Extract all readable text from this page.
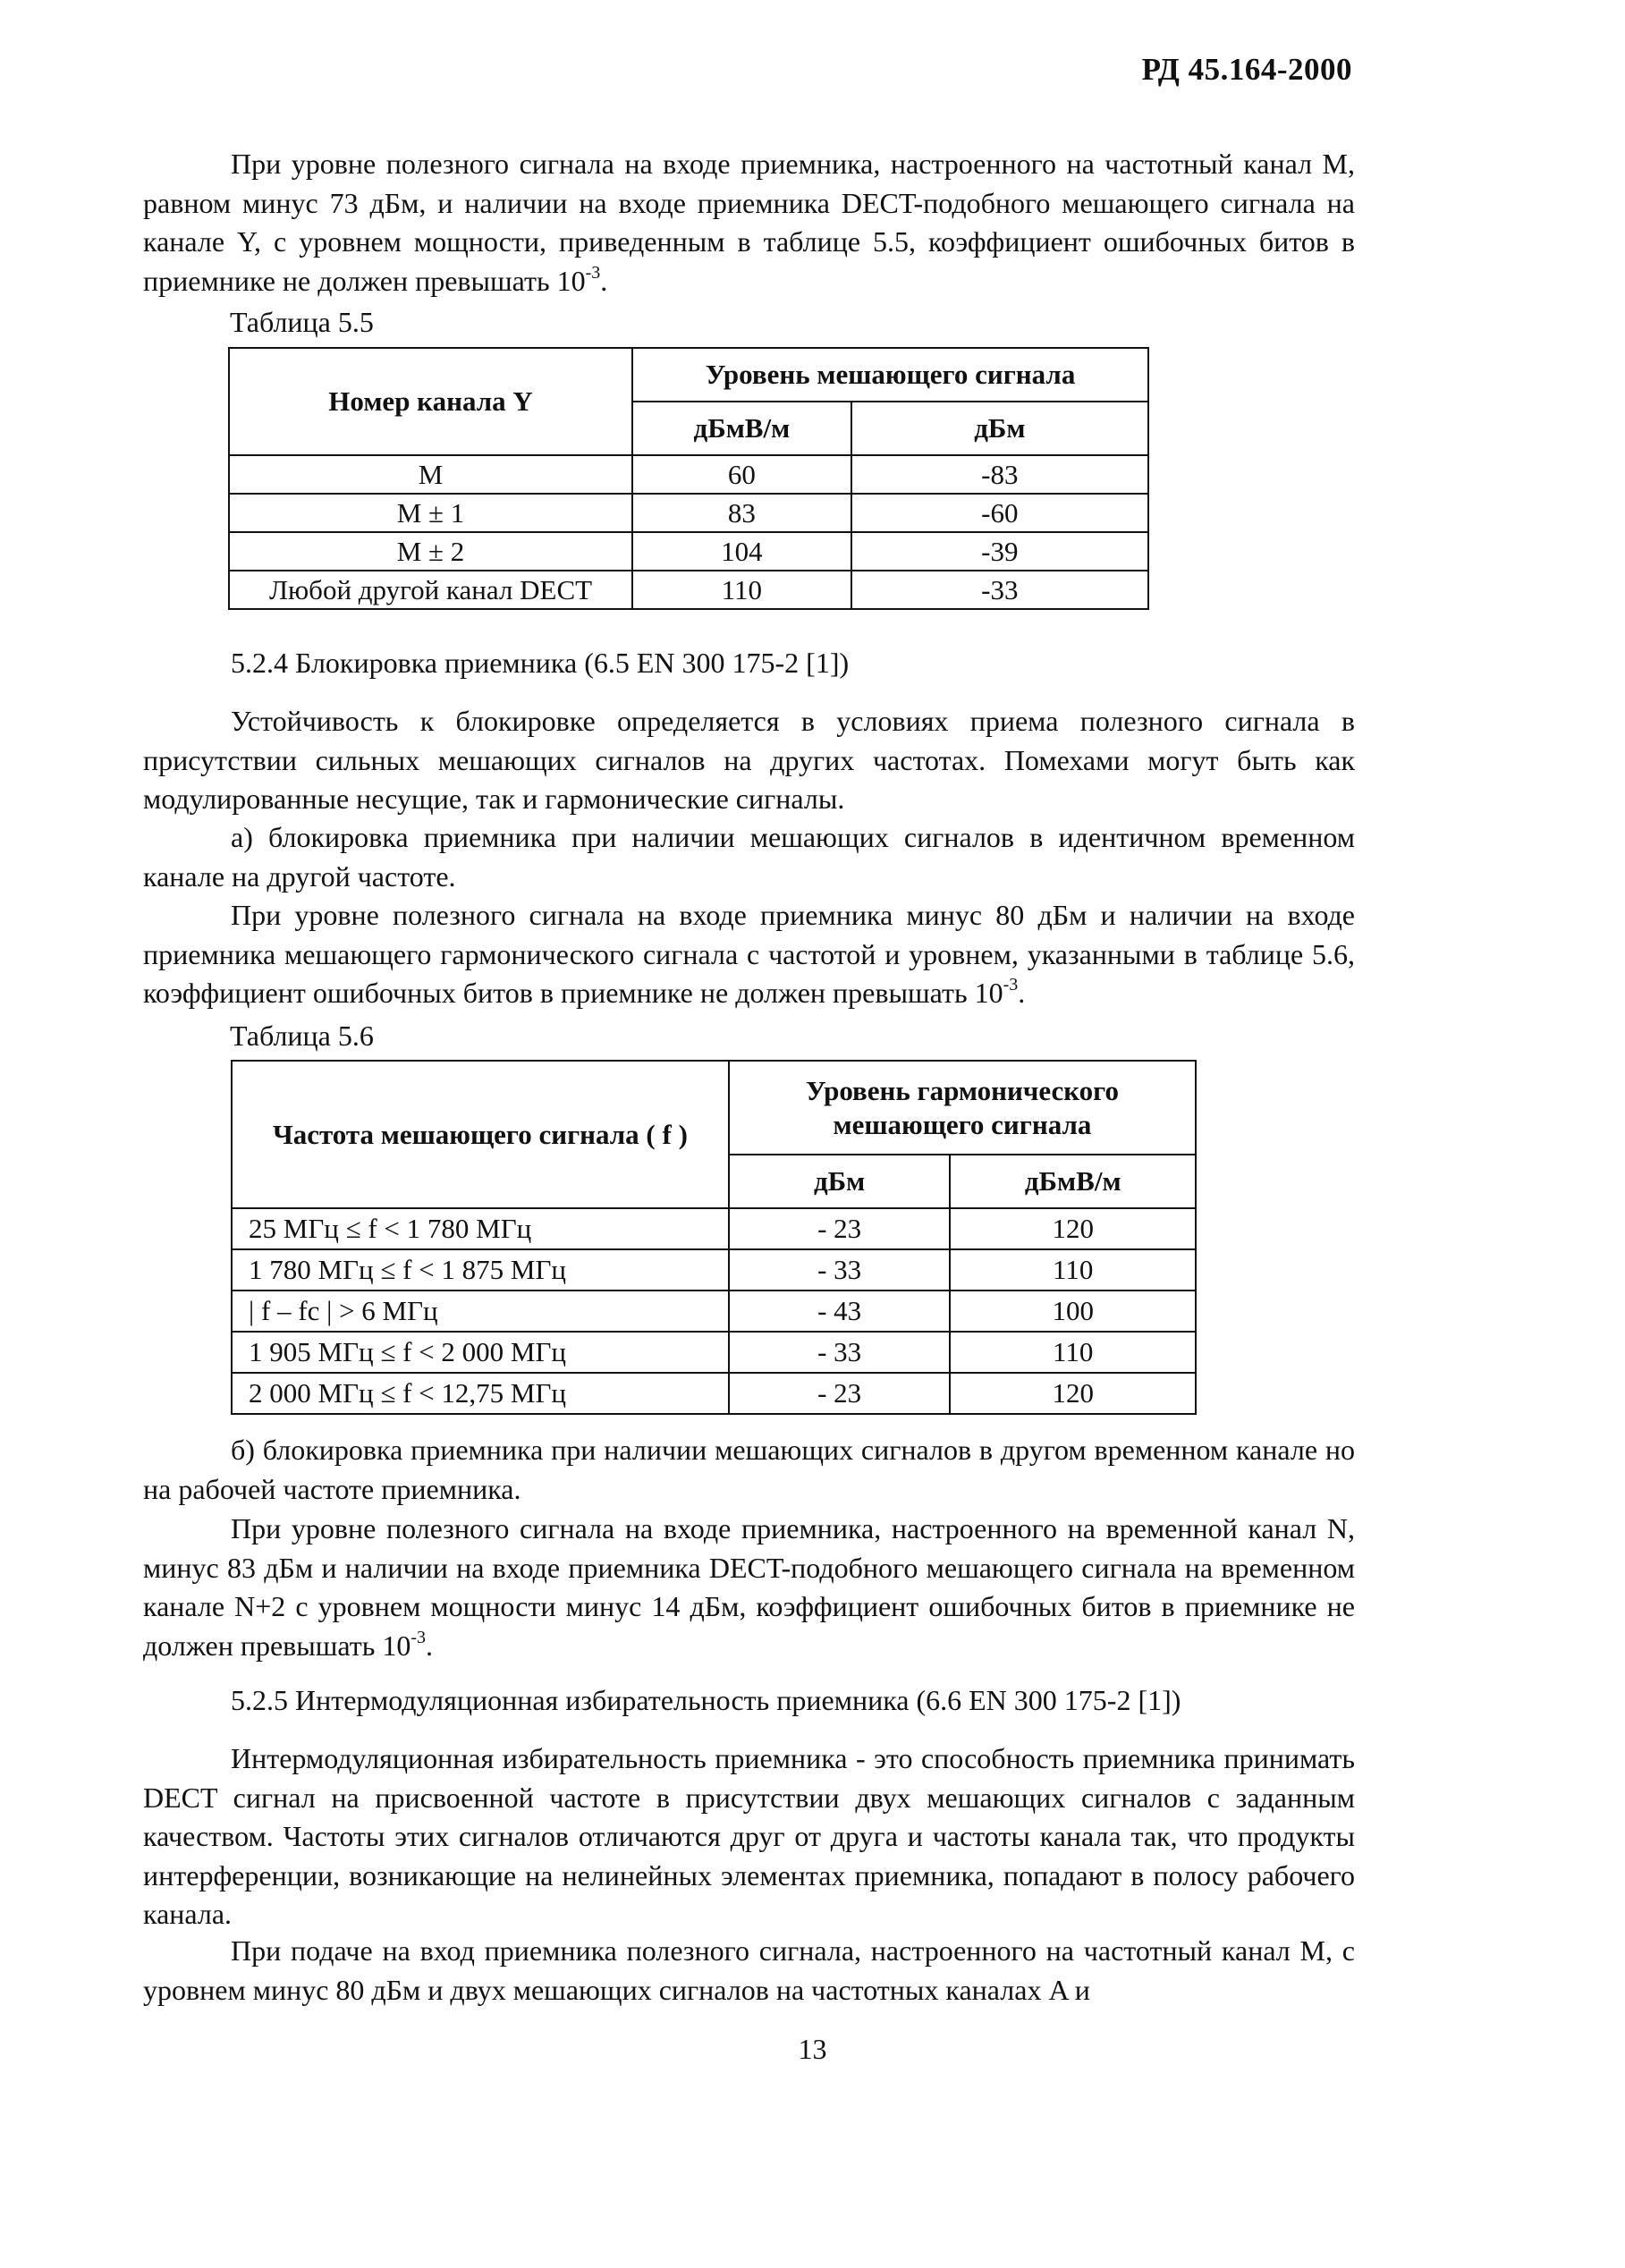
РД 45.164-2000
При уровне полезного сигнала на входе приемника, настроенного на частотный канал M, равном минус 73 дБм, и наличии на входе приемника DECT-подобного мешающего сигнала на канале Y, с уровнем мощности, приведенным в таблице 5.5, коэффициент ошибочных битов в приемнике не должен превышать $10^{-3}$.
Таблица 5.5
Номер канала Y	Уровень мешающего сигнала	
	дБмВ/м	дБм
М	60	-83
М ± 1	83	-60
М ± 2	104	-39
Любой другой канал DECT	110	-33
5.2.4 Блокировка приемника (6.5 EN 300 175-2 [1])
Устойчивость к блокировке определяется в условиях приема полезного сигнала в присутствии сильных мешающих сигналов на других частотах. Помехами могут быть как модулированные несущие, так и гармонические сигналы.
а) блокировка приемника при наличии мешающих сигналов в идентичном временном канале на другой частоте.
При уровне полезного сигнала на входе приемника минус 80 дБм и наличии на входе приемника мешающего гармонического сигнала с частотой и уровнем, указанными в таблице 5.6, коэффициент ошибочных битов в приемнике не должен превышать $10^{-3}$.
Таблица 5.6
Частота мешающего сигнала ( f )	Уровень гармонического мешающего сигнала	
	дБм	дБмВ/м
25 МГц ≤ f < 1 780 МГц	- 23	120
1 780 МГц ≤ f < 1 875 МГц	- 33	110
| f – fc | > 6 МГц	- 43	100
1 905 МГц ≤ f < 2 000 МГц	- 33	110
2 000 МГц ≤ f < 12,75 МГц	- 23	120
б) блокировка приемника при наличии мешающих сигналов в другом временном канале но на рабочей частоте приемника.
При уровне полезного сигнала на входе приемника, настроенного на временной канал N, минус 83 дБм и наличии на входе приемника DECT-подобного мешающего сигнала на временном канале N+2 с уровнем мощности минус 14 дБм, коэффициент ошибочных битов в приемнике не должен превышать $10^{-3}$.
5.2.5 Интермодуляционная избирательность приемника (6.6 EN 300 175-2 [1])
Интермодуляционная избирательность приемника - это способность приемника принимать DECT сигнал на присвоенной частоте в присутствии двух мешающих сигналов с заданным качеством. Частоты этих сигналов отличаются друг от друга и частоты канала так, что продукты интерференции, возникающие на нелинейных элементах приемника, попадают в полосу рабочего канала.
При подаче на вход приемника полезного сигнала, настроенного на частотный канал M, с уровнем минус 80 дБм и двух мешающих сигналов на частотных каналах A и
13
